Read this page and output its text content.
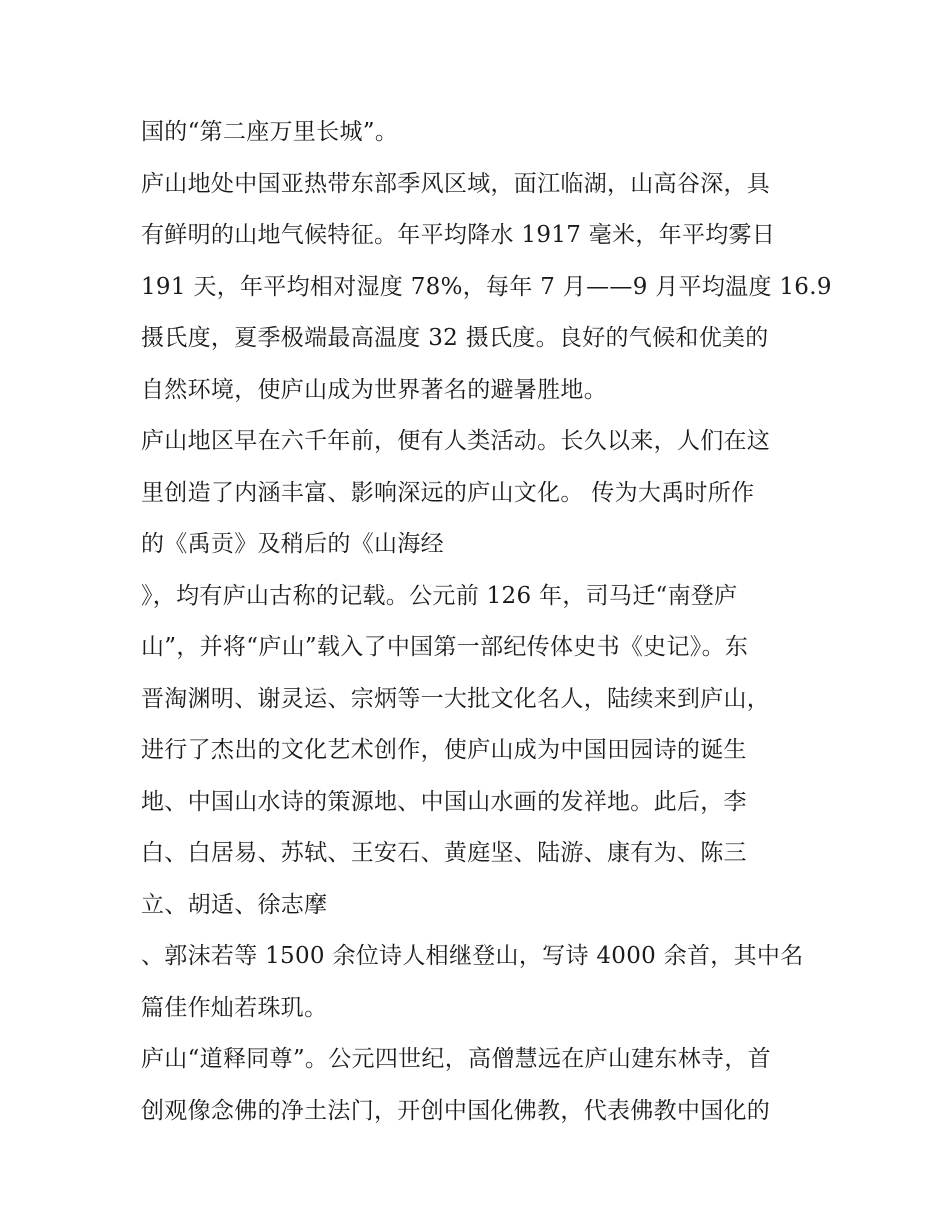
国的“第二座万里长城”。
庐山地处中国亚热带东部季风区域，面江临湖，山高谷深，具
有鲜明的山地气候特征。年平均降水 1917 毫米，年平均雾日
191 天，年平均相对湿度 78%，每年 7 月——9 月平均温度 16.9
摄氏度，夏季极端最高温度 32 摄氏度。良好的气候和优美的
自然环境，使庐山成为世界著名的避暑胜地。
庐山地区早在六千年前，便有人类活动。长久以来，人们在这
里创造了内涵丰富、影响深远的庐山文化。 传为大禹时所作
的《禹贡》及稍后的《山海经
》，均有庐山古称的记载。公元前 126 年，司马迁“南登庐
山”，并将“庐山”载入了中国第一部纪传体史书《史记》。东
晋淘渊明、谢灵运、宗炳等一大批文化名人，陆续来到庐山，
进行了杰出的文化艺术创作，使庐山成为中国田园诗的诞生
地、中国山水诗的策源地、中国山水画的发祥地。此后，李
白、白居易、苏轼、王安石、黄庭坚、陆游、康有为、陈三
立、胡适、徐志摩
、郭沫若等 1500 余位诗人相继登山，写诗 4000 余首，其中名
篇佳作灿若珠玑。
庐山“道释同尊”。公元四世纪，高僧慧远在庐山建东林寺，首
创观像念佛的净土法门，开创中国化佛教，代表佛教中国化的
